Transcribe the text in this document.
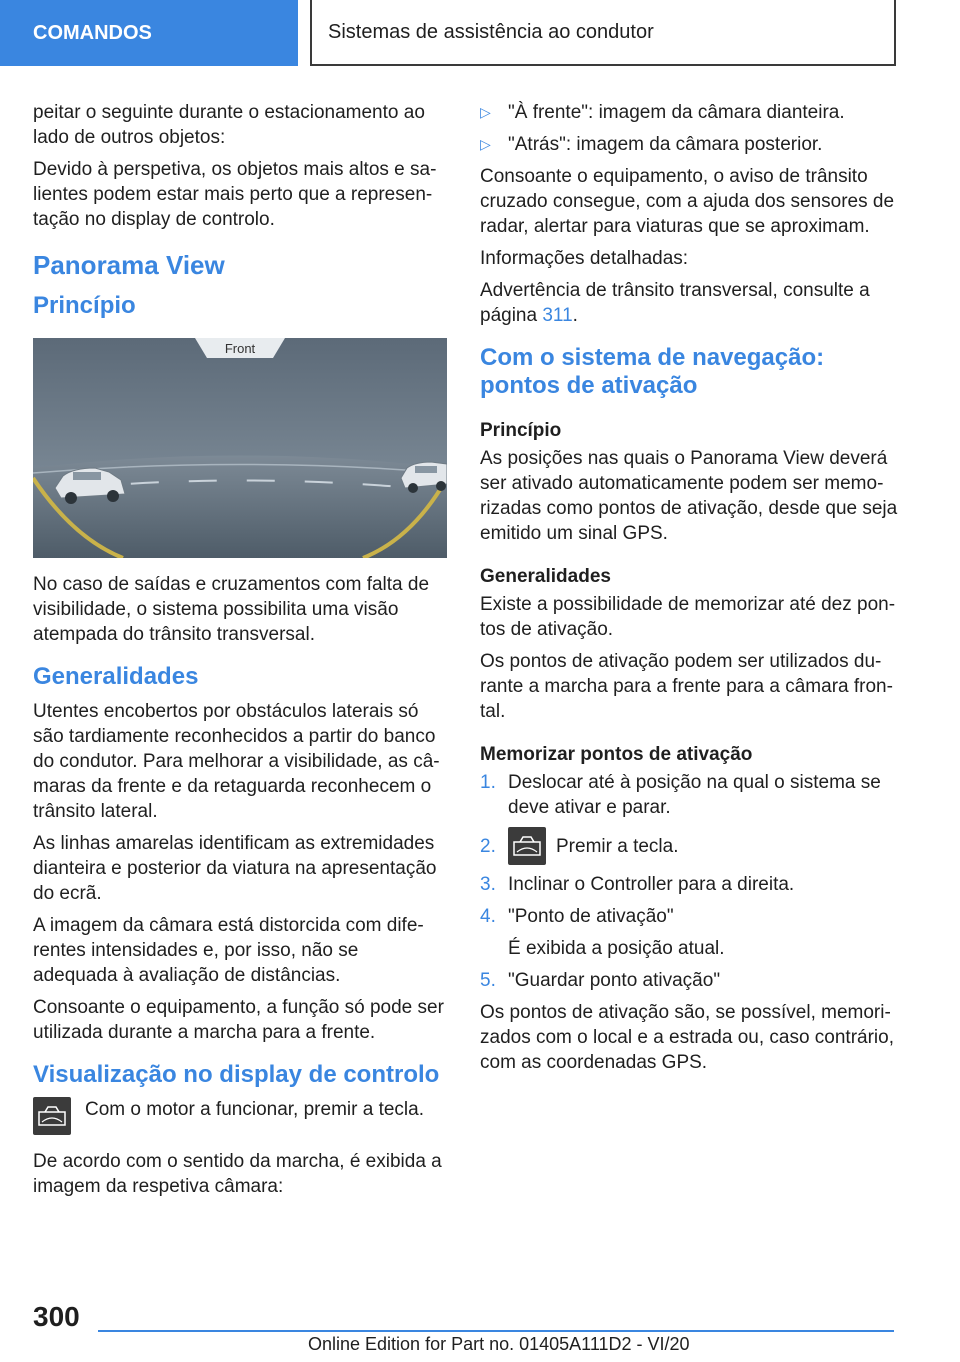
COMANDOS	Sistemas de assistência ao condutor

peitar o seguinte durante o estacionamento ao lado de outros objetos:

Devido à perspetiva, os objetos mais altos e salientes podem estar mais perto que a representação no display de controlo.

Panorama View
Princípio
Front

No caso de saídas e cruzamentos com falta de visibilidade, o sistema possibilita uma visão atempada do trânsito transversal.

Generalidades

Utentes encobertos por obstáculos laterais só são tardiamente reconhecidos a partir do banco do condutor. Para melhorar a visibilidade, as câmaras da frente e da retaguarda reconhecem o trânsito lateral.

As linhas amarelas identificam as extremidades dianteira e posterior da viatura na apresentação do ecrã.

A imagem da câmara está distorcida com diferentes intensidades e, por isso, não se adequada à avaliação de distâncias.

Consoante o equipamento, a função só pode ser utilizada durante a marcha para a frente.

Visualização no display de controlo
Com o motor a funcionar, premir a tecla.

De acordo com o sentido da marcha, é exibida a imagem da respetiva câmara:

▷ "À frente": imagem da câmara dianteira.
▷ "Atrás": imagem da câmara posterior.

Consoante o equipamento, o aviso de trânsito cruzado consegue, com a ajuda dos sensores de radar, alertar para viaturas que se aproximam.

Informações detalhadas:

Advertência de trânsito transversal, consulte a página 311.

Com o sistema de navegação: pontos de ativação
Princípio

As posições nas quais o Panorama View deverá ser ativado automaticamente podem ser memorizadas como pontos de ativação, desde que seja emitido um sinal GPS.

Generalidades

Existe a possibilidade de memorizar até dez pontos de ativação.

Os pontos de ativação podem ser utilizados durante a marcha para a frente para a câmara frontal.

Memorizar pontos de ativação
1. Deslocar até à posição na qual o sistema se deve ativar e parar.
2.	Premir a tecla.
3. Inclinar o Controller para a direita.
4. "Ponto de ativação"
É exibida a posição atual.
5. "Guardar ponto ativação"

Os pontos de ativação são, se possível, memorizados com o local e a estrada ou, caso contrário, com as coordenadas GPS.

300
Online Edition for Part no. 01405A111D2 - VI/20
